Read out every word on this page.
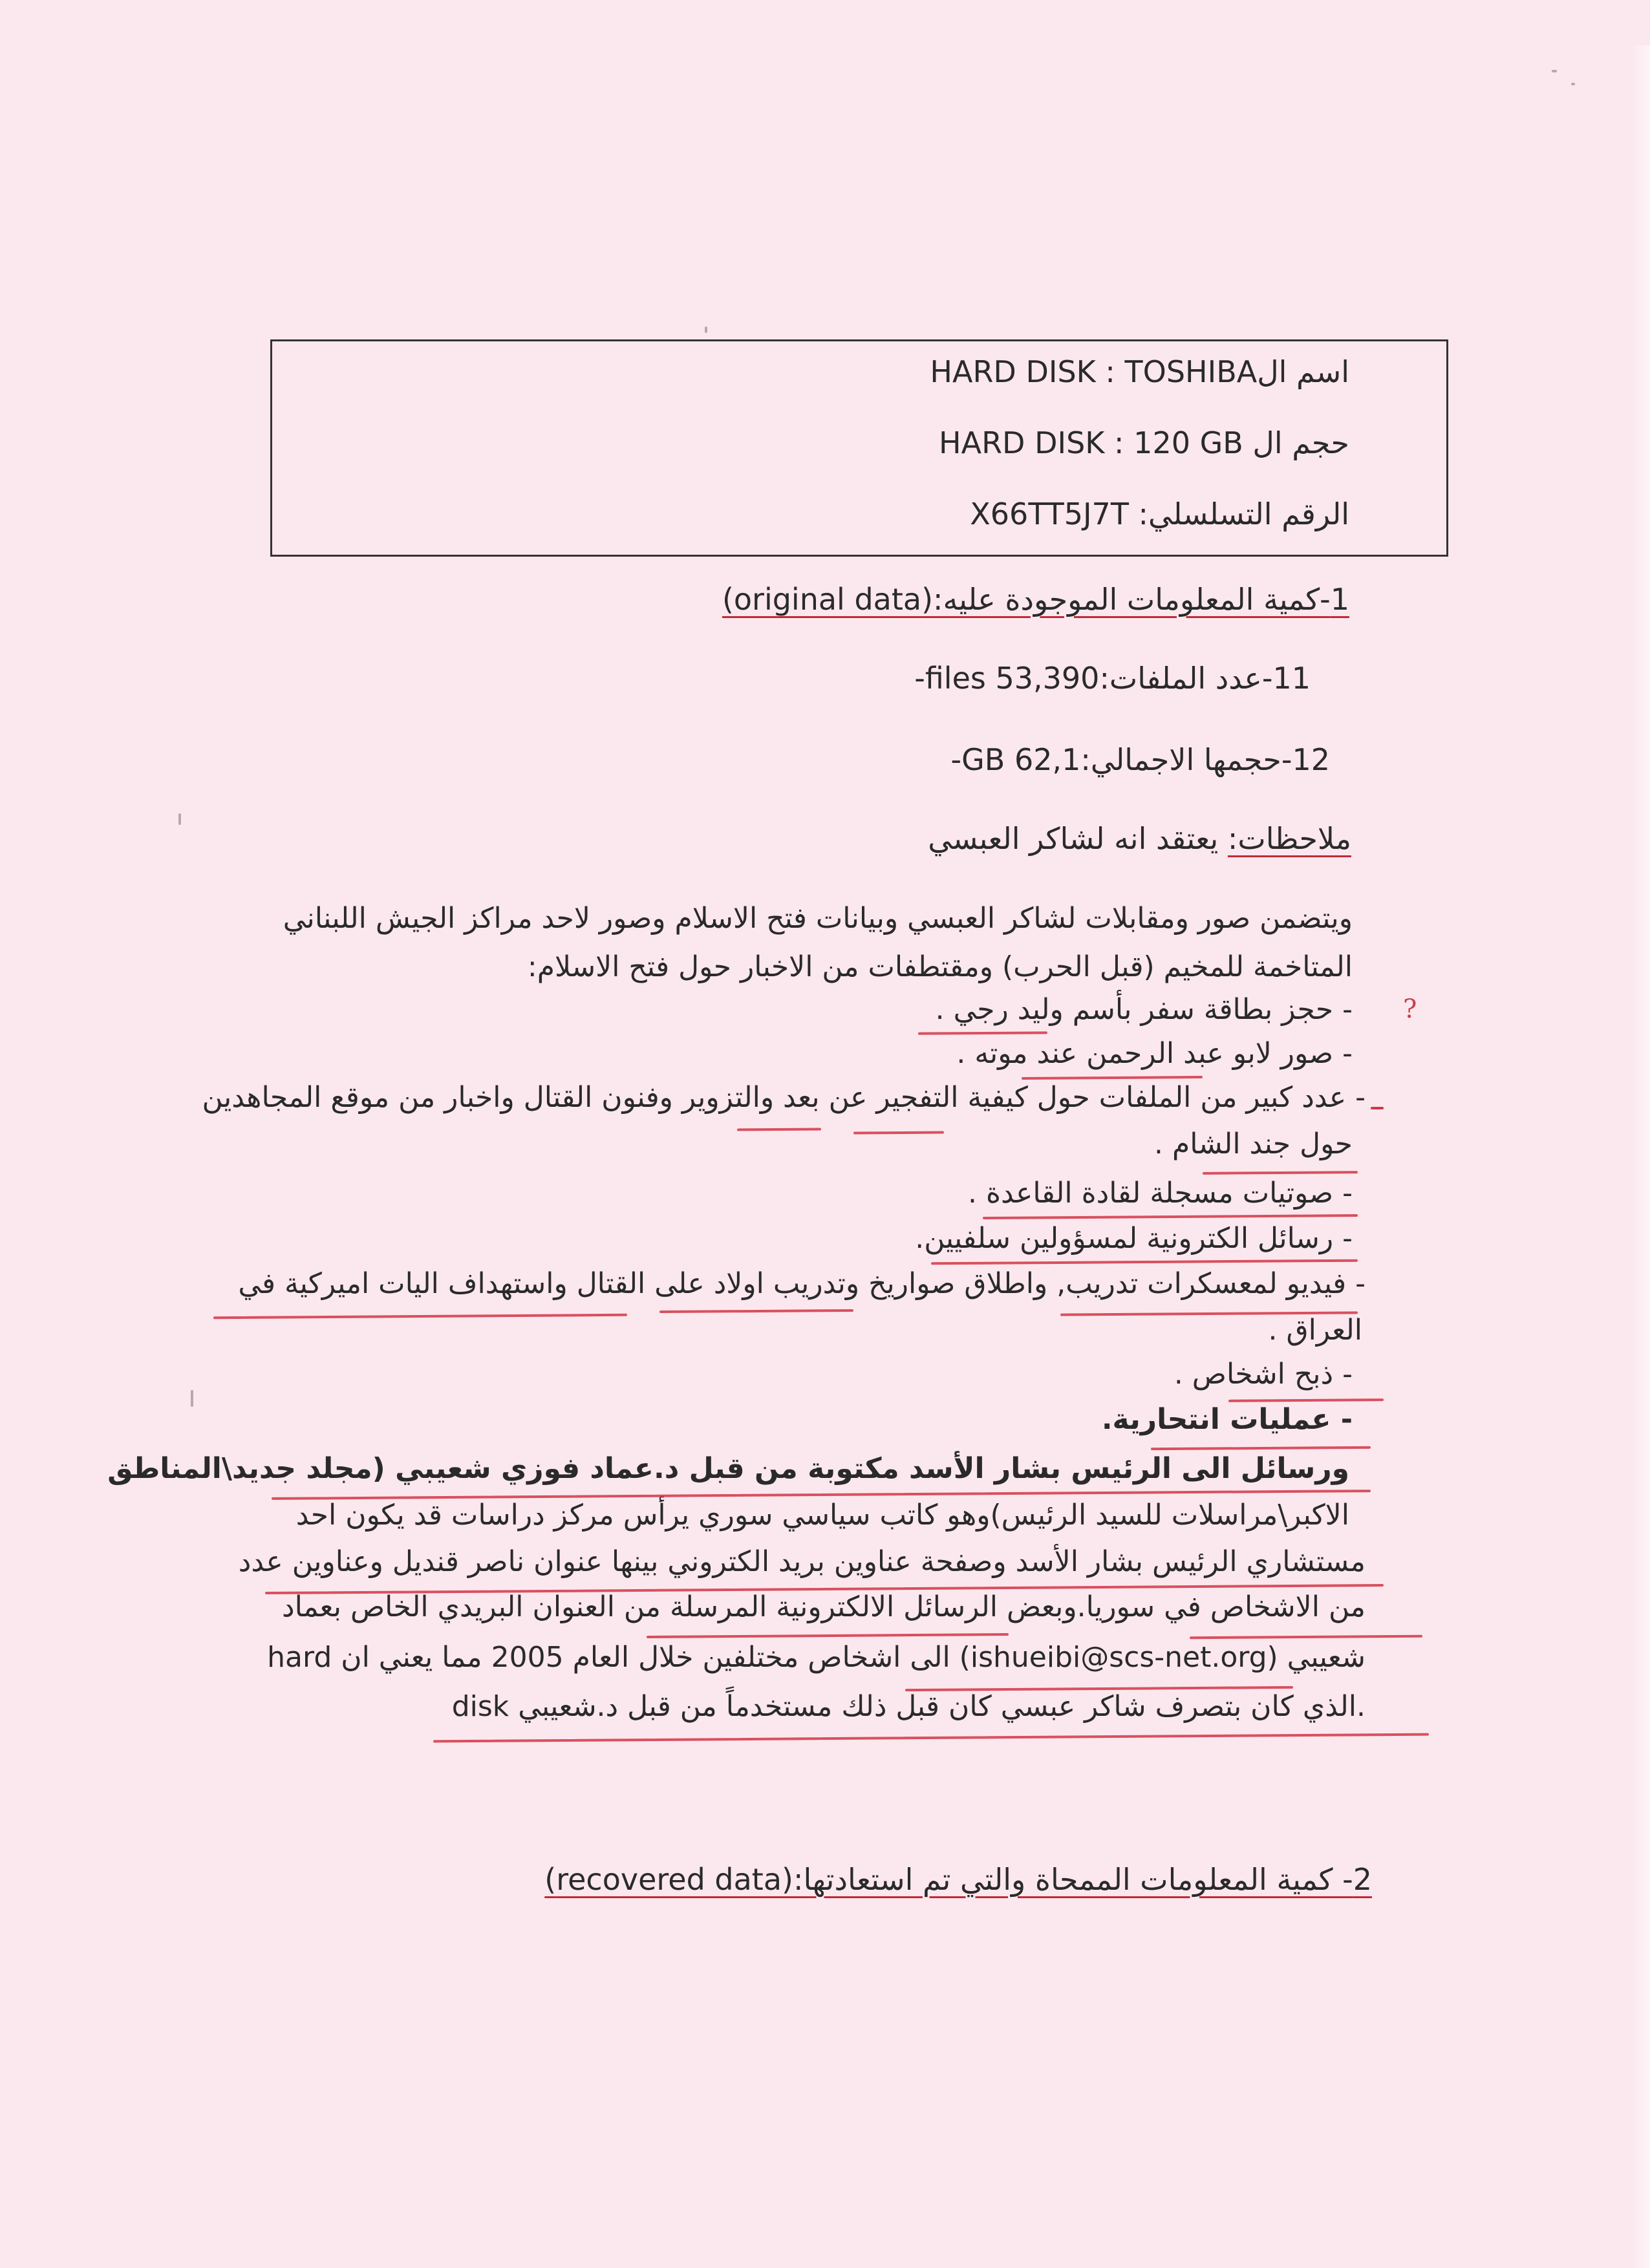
اسم الHARD DISK : TOSHIBA
حجم ال HARD DISK : 120 GB
الرقم التسلسلي: X66TT5J7T
1-كمية المعلومات الموجودة عليه:(original data)
11-عدد الملفات:53,390 files-
12-حجمها الاجمالي:62,1 GB-
ملاحظات: يعتقد انه لشاكر العبسي
ويتضمن صور ومقابلات لشاكر العبسي وبيانات فتح الاسلام وصور لاحد مراكز الجيش اللبناني
المتاخمة للمخيم (قبل الحرب) ومقتطفات من الاخبار حول فتح الاسلام:
- حجز بطاقة سفر بأسم وليد رجي .
- صور لابو عبد الرحمن عند موته .
- عدد كبير من الملفات حول كيفية التفجير عن بعد والتزوير وفنون القتال واخبار من موقع المجاهدين
حول جند الشام .
- صوتيات مسجلة لقادة القاعدة .
- رسائل الكترونية لمسؤولين سلفيين.
- فيديو لمعسكرات تدريب, واطلاق صواريخ وتدريب اولاد على القتال واستهداف اليات اميركية في
العراق .
- ذبح اشخاص .
- عمليات انتحارية.
ورسائل الى الرئيس بشار الأسد مكتوبة من قبل د.عماد فوزي شعيبي (مجلد جديد\المناطق
الاكبر\مراسلات للسيد الرئيس)وهو كاتب سياسي سوري يرأس مركز دراسات قد يكون احد
مستشاري الرئيس بشار الأسد وصفحة عناوين بريد الكتروني بينها عنوان ناصر قنديل وعناوين عدد
من الاشخاص في سوريا.وبعض الرسائل الالكترونية المرسلة من العنوان البريدي الخاص بعماد
شعيبي (ishueibi@scs-net.org) الى اشخاص مختلفين خلال العام 2005 مما يعني ان hard
disk الذي كان بتصرف شاكر عبسي كان قبل ذلك مستخدماً من قبل د.شعيبي.
2- كمية المعلومات الممحاة والتي تم استعادتها:(recovered data)
?
